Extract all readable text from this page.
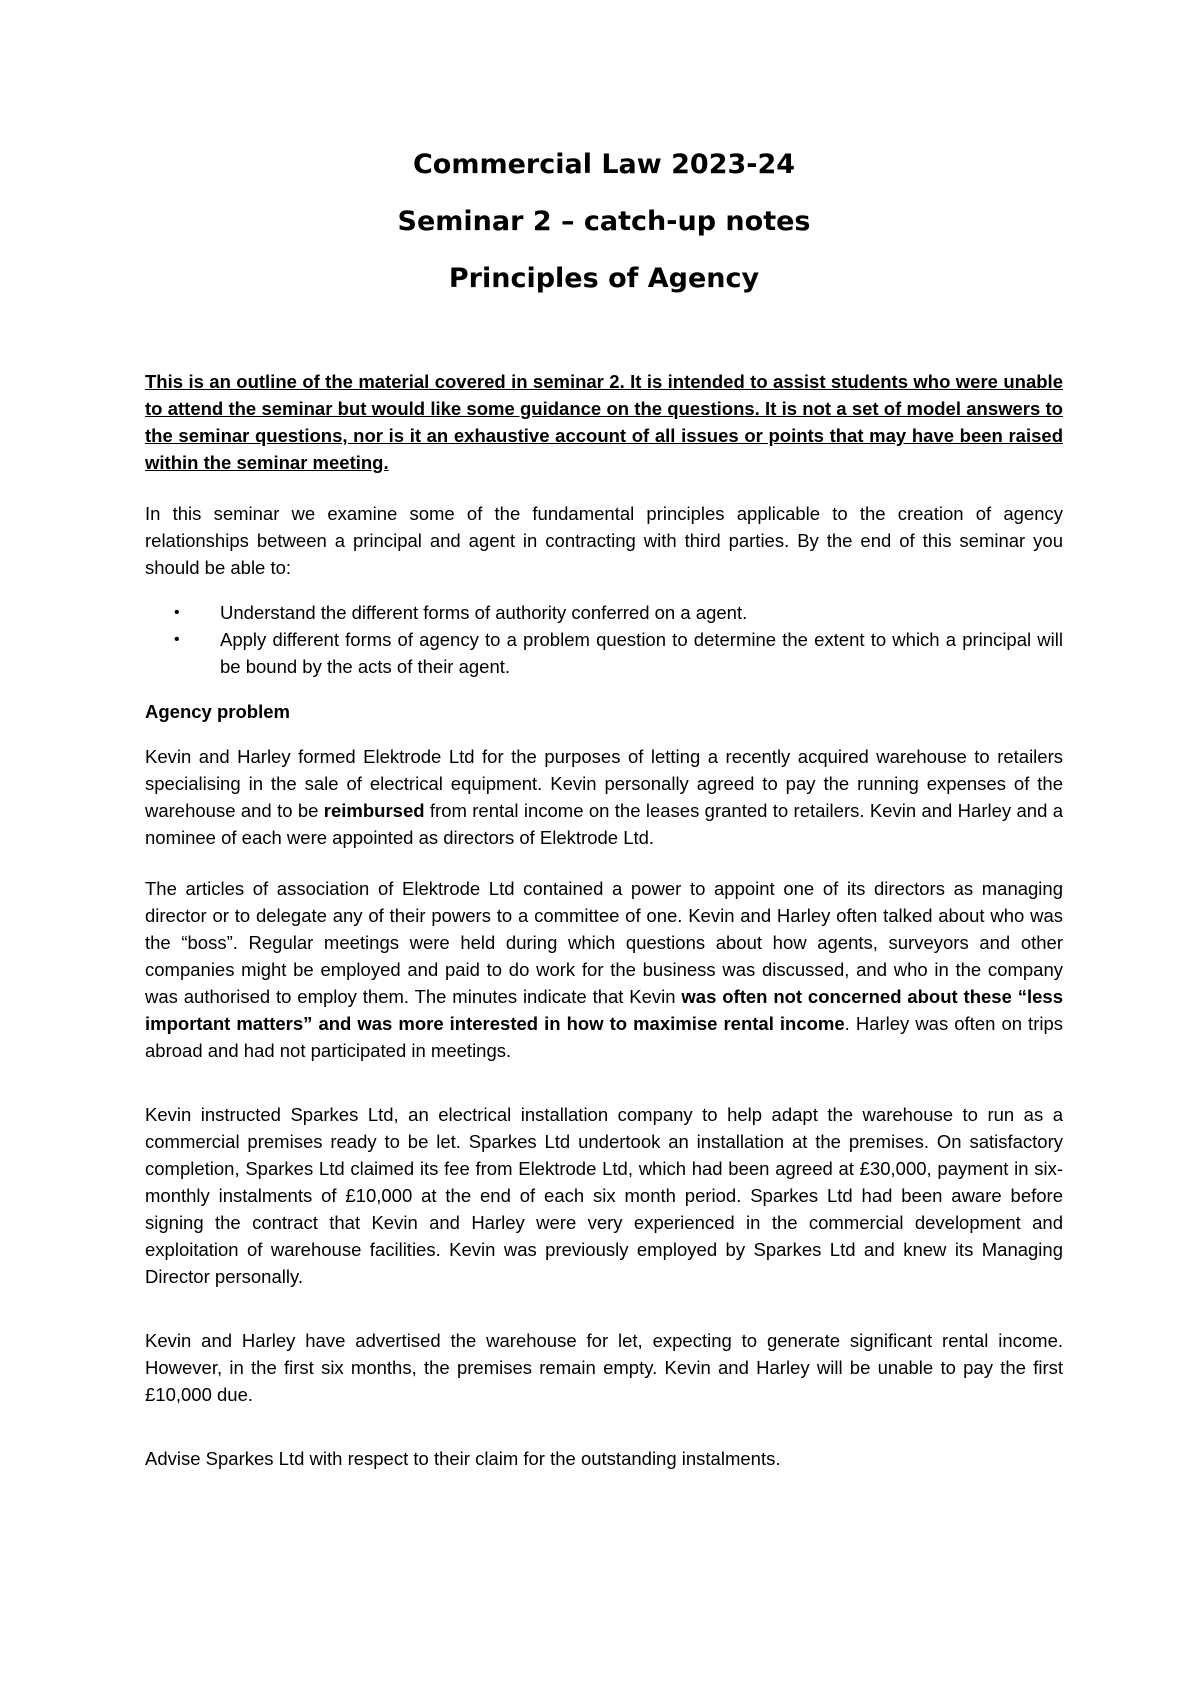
Commercial Law 2023-24
Seminar 2 – catch-up notes
Principles of Agency

This is an outline of the material covered in seminar 2. It is intended to assist students who were unable to attend the seminar but would like some guidance on the questions. It is not a set of model answers to the seminar questions, nor is it an exhaustive account of all issues or points that may have been raised within the seminar meeting.

In this seminar we examine some of the fundamental principles applicable to the creation of agency relationships between a principal and agent in contracting with third parties. By the end of this seminar you should be able to:

• Understand the different forms of authority conferred on a agent.
• Apply different forms of agency to a problem question to determine the extent to which a principal will be bound by the acts of their agent.
Agency problem

Kevin and Harley formed Elektrode Ltd for the purposes of letting a recently acquired warehouse to retailers specialising in the sale of electrical equipment. Kevin personally agreed to pay the running expenses of the warehouse and to be reimbursed from rental income on the leases granted to retailers. Kevin and Harley and a nominee of each were appointed as directors of Elektrode Ltd.

The articles of association of Elektrode Ltd contained a power to appoint one of its directors as managing director or to delegate any of their powers to a committee of one. Kevin and Harley often talked about who was the “boss”. Regular meetings were held during which questions about how agents, surveyors and other companies might be employed and paid to do work for the business was discussed, and who in the company was authorised to employ them. The minutes indicate that Kevin was often not concerned about these “less important matters” and was more interested in how to maximise rental income. Harley was often on trips abroad and had not participated in meetings.

Kevin instructed Sparkes Ltd, an electrical installation company to help adapt the warehouse to run as a commercial premises ready to be let. Sparkes Ltd undertook an installation at the premises. On satisfactory completion, Sparkes Ltd claimed its fee from Elektrode Ltd, which had been agreed at £30,000, payment in six-monthly instalments of £10,000 at the end of each six month period. Sparkes Ltd had been aware before signing the contract that Kevin and Harley were very experienced in the commercial development and exploitation of warehouse facilities. Kevin was previously employed by Sparkes Ltd and knew its Managing Director personally.

Kevin and Harley have advertised the warehouse for let, expecting to generate significant rental income. However, in the first six months, the premises remain empty. Kevin and Harley will be unable to pay the first £10,000 due.

Advise Sparkes Ltd with respect to their claim for the outstanding instalments.
